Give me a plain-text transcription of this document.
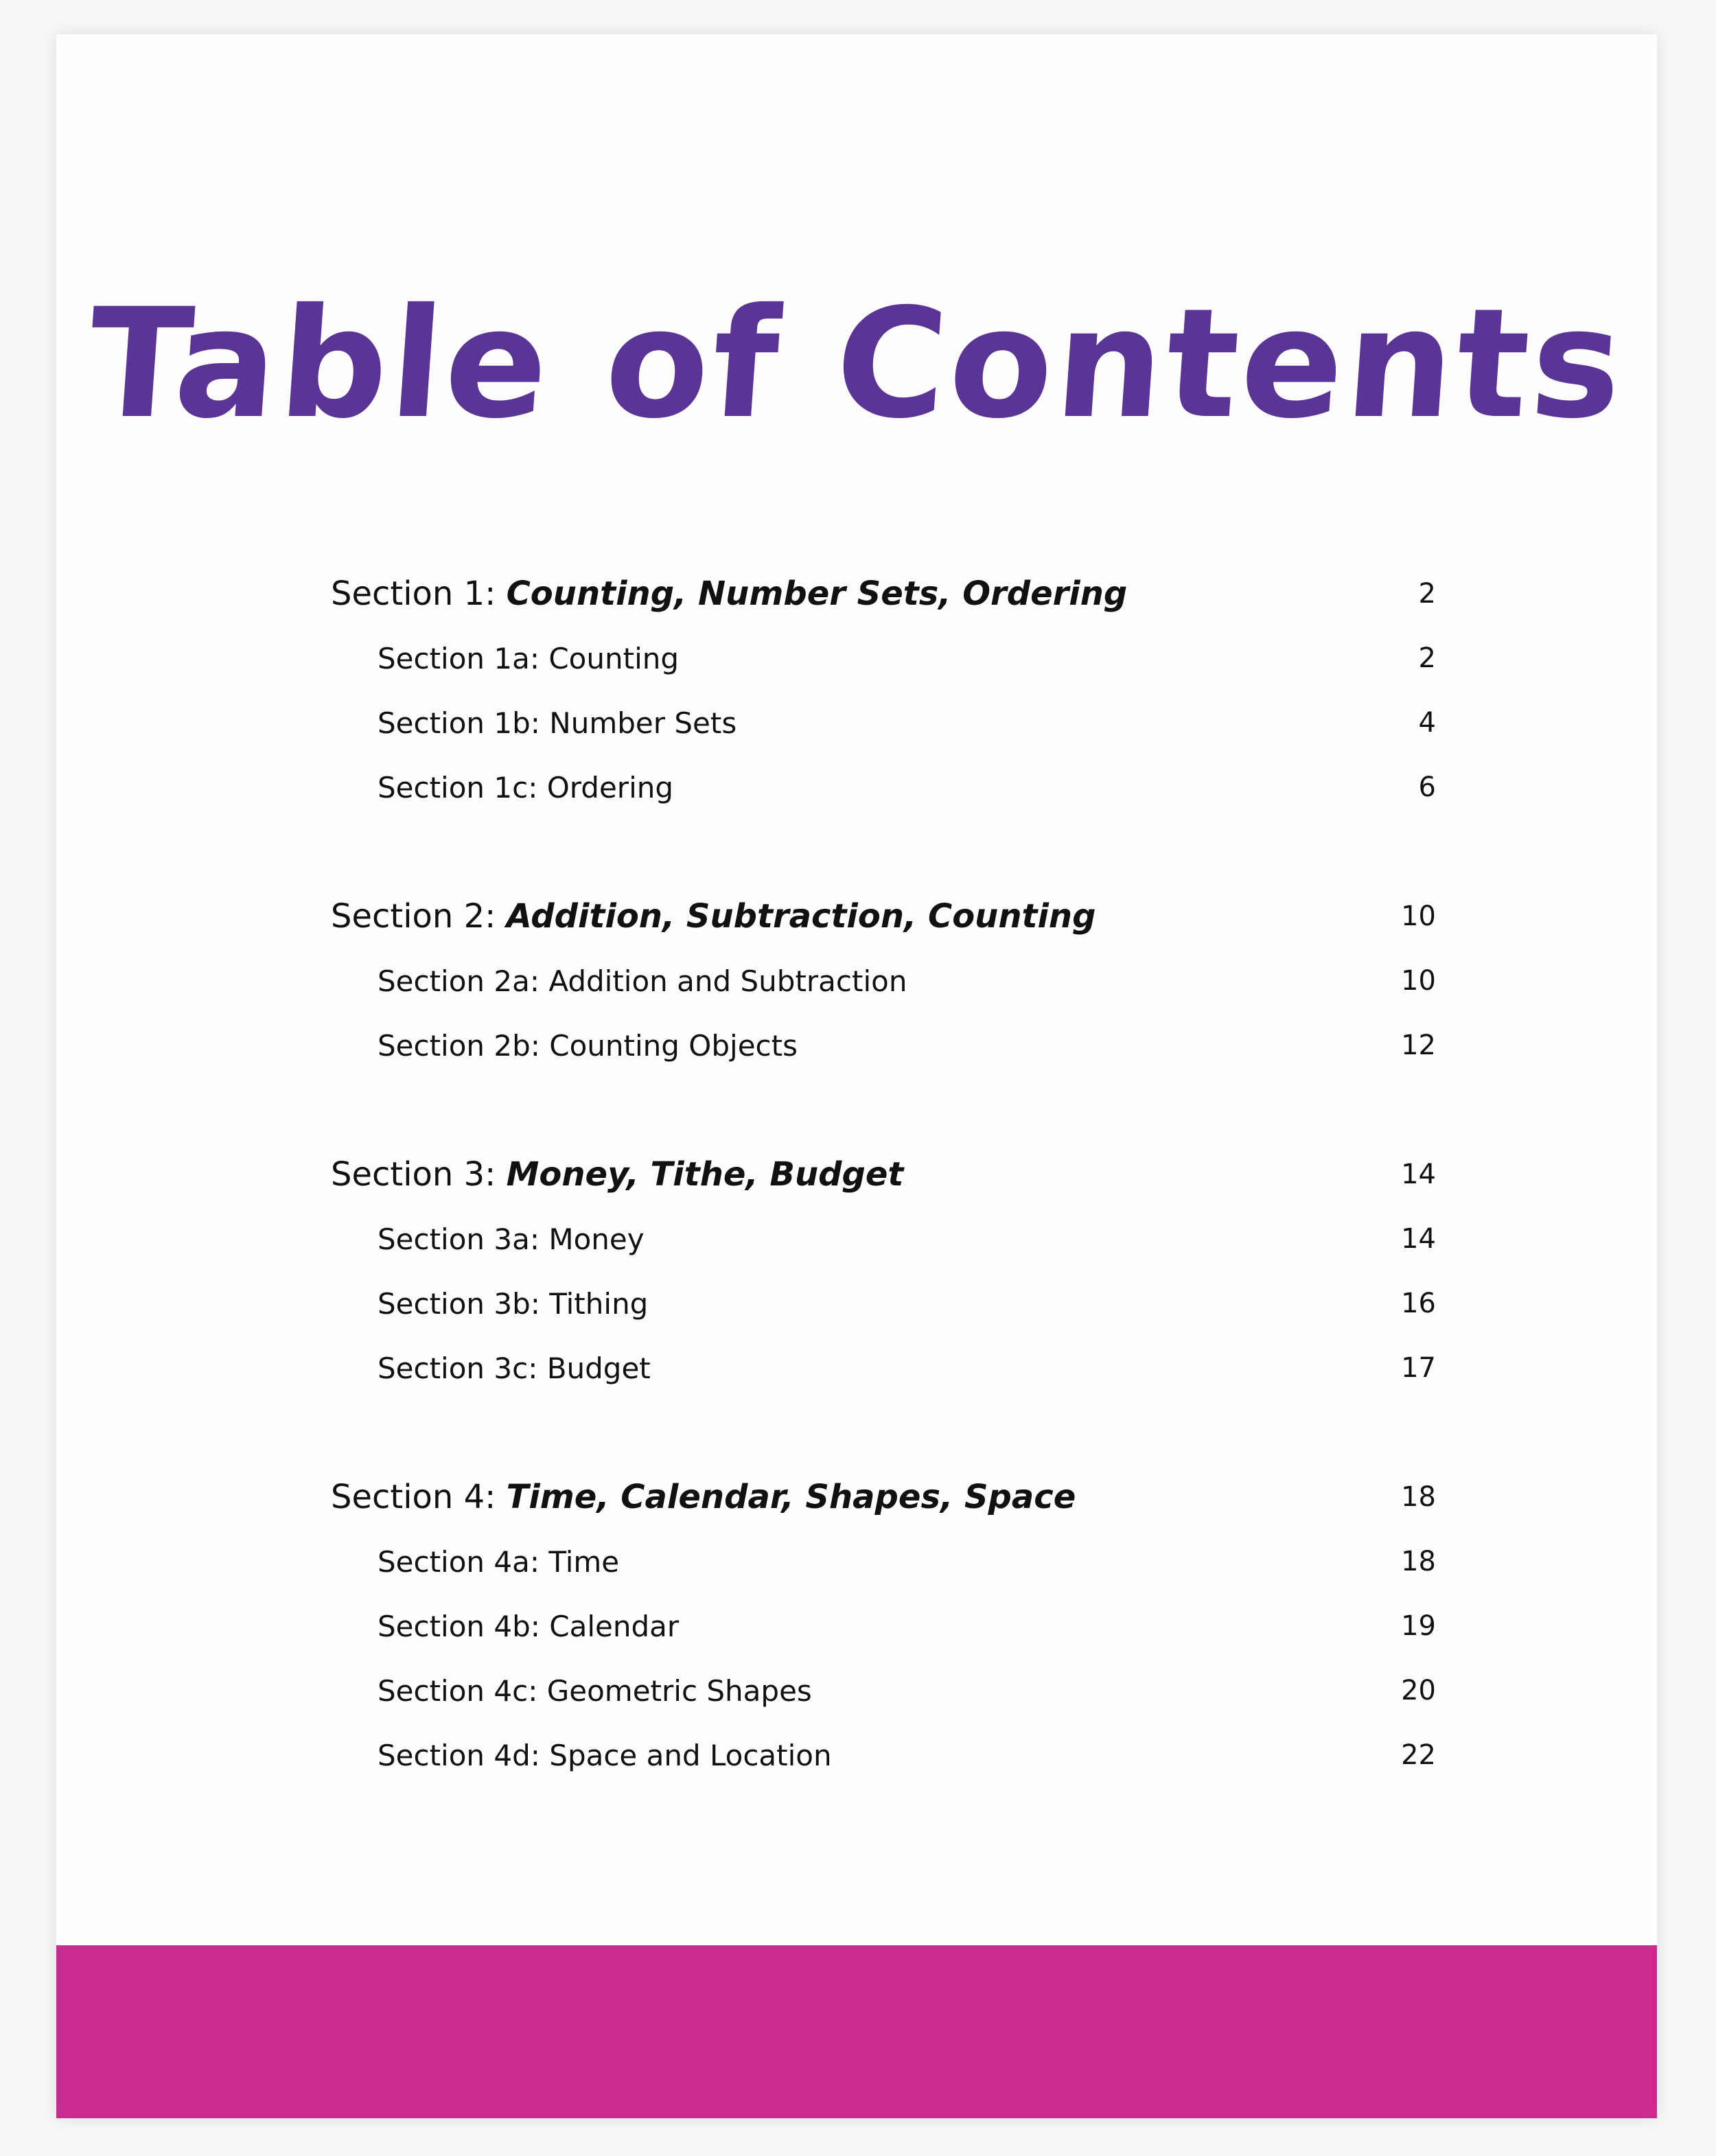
Table of Contents
Section 1: Counting, Number Sets, Ordering	2
Section 1a: Counting	2
Section 1b: Number Sets	4
Section 1c: Ordering	6
Section 2: Addition, Subtraction, Counting	10
Section 2a: Addition and Subtraction	10
Section 2b: Counting Objects	12
Section 3: Money, Tithe, Budget	14
Section 3a: Money	14
Section 3b: Tithing	16
Section 3c: Budget	17
Section 4: Time, Calendar, Shapes, Space	18
Section 4a: Time	18
Section 4b: Calendar	19
Section 4c: Geometric Shapes	20
Section 4d: Space and Location	22
